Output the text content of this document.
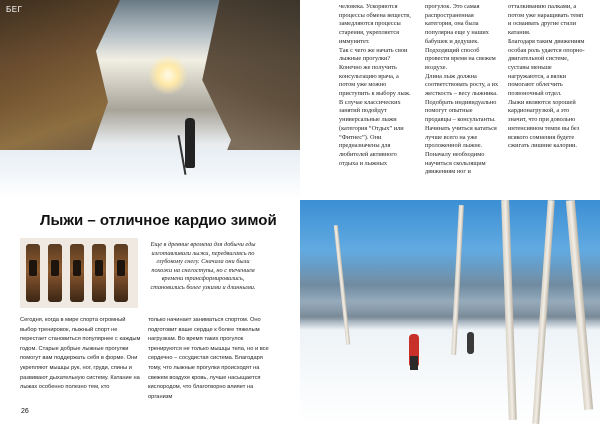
БЕГ	человека. Ускоряются процессы обмена веществ, замедляются процессы старения, укрепляется иммунитет.

Так с чего же начать свои лыжные прогулки? Конечно же получить консультацию врача, а потом уже можно приступить к выбору лыж.

В случае классических занятий подойдут универсальные лыжи (категория “Отдых” или “Фитнес”). Они предназначены для любителей активного отдыха и лыжных

прогулок. Это самая распространенная категория, она была популярна еще у наших бабушек и дедушек. Подходящий способ провести время на свежем воздухе.

Длина лыж должна соответствовать росту, а их жесткость – весу лыжника. Подобрать индивидуально помогут опытные продавцы – консультанты.

Начинать учиться кататься лучше всего на уже проложенной лыжне. Поначалу необходимо научиться скользящим движениям ног и

отталкиванию палками, а потом уже наращивать темп и осваивать другие стили катания.

Благодаря таким движениям особая роль удается опорно-двигательной системе, суставы меньше нагружаются, а вялки помогают облегчить позвоночный отдел.

Лыжи являются хорошей кардионагрузкой, а это значит, что при довольно интенсивном темпе вы без всякого сомнения будете сжигать лишние калории.

Лыжи – отличное кардио зимой
Еще в древние времена для добычи еды изготавливали лыжи, передвигаясь по глубокому снегу. Сначала они были похожи на снегоступы, но с течением времени трансформировались, становились более узкими и длинными.
Сегодня, когда в мире спорта огромный выбор тренировок, лыжный спорт не перестает становиться популярнее с каждым годом. Старые добрые лыжные прогулки помогут вам поддержать себя в форме. Они укрепляют мышцы рук, ног, груди, спины и развивают дыхательную систему. Катание на лыжах особенно полезно тем, кто
только начинает заниматься спортом. Оно подготовит ваше сердце к более тяжелым нагрузкам. Во время таких прогулок тренируются не только мышцы тела, но и все сердечно – сосудистая система. Благодаря тому, что лыжные прогулки происходят на свежем воздухе кровь, лучше насыщается кислородом, что благотворно влияет на организм
26
